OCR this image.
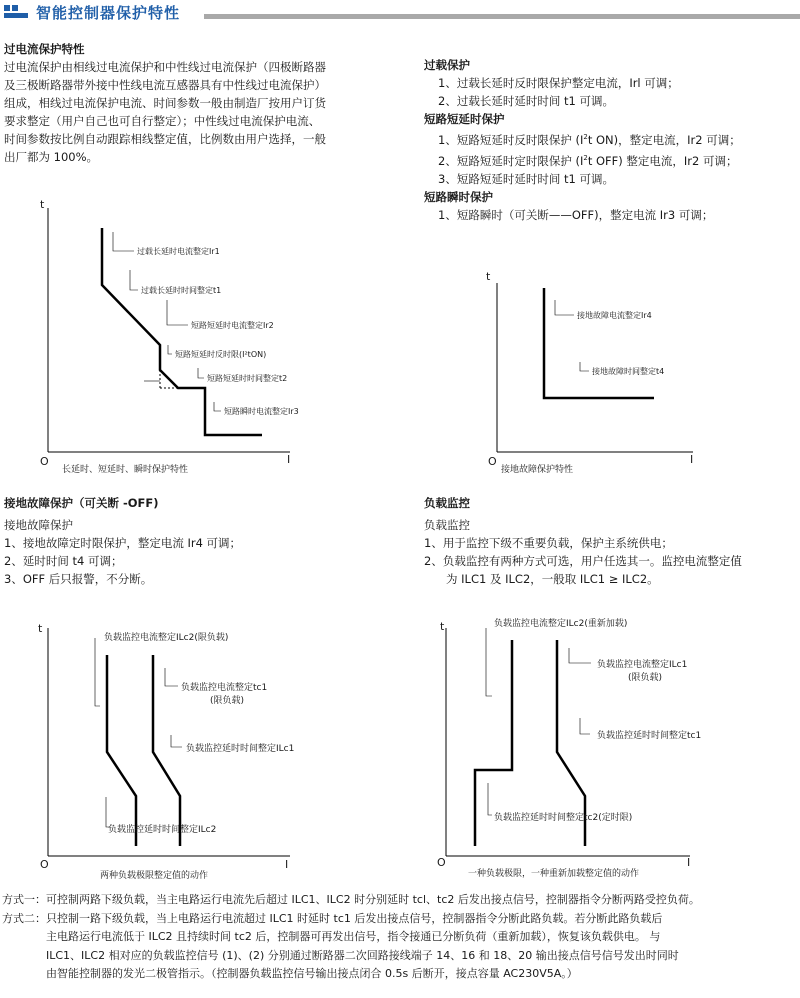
智能控制器保护特性
过电流保护特性
过电流保护由相线过电流保护和中性线过电流保护（四极断路器
及三极断路器带外接中性线电流互感器具有中性线过电流保护）
组成，相线过电流保护电流、时间参数一般由制造厂按用户订货
要求整定（用户自己也可自行整定）；中性线过电流保护电流、
时间参数按比例自动跟踪相线整定值，比例数由用户选择，一般
出厂都为 100%。
过载保护
1、过载长延时反时限保护整定电流，Irl 可调；
2、过载长延时延时时间 t1 可调。
短路短延时保护
1、短路短延时反时限保护 ($I^2t$ ON)，整定电流，Ir2 可调；
2、短路短延时定时限保护 ($I^2t$ OFF) 整定电流，Ir2 可调；
3、短路短延时延时时间 t1 可调。
短路瞬时保护
1、短路瞬时（可关断——OFF)，整定电流 Ir3 可调；
t
O	I
过载长延时电流整定Ir1
过载长延时时间整定t1
短路短延时电流整定Ir2
短路短延时反时限(I²tON)
短路短延时时间整定t2
短路瞬时电流整定Ir3
长延时、短延时、瞬时保护特性
t
O	I
接地故障电流整定Ir4
接地故障时间整定t4
接地故障保护特性
接地故障保护（可关断 -OFF)
接地故障保护
1、接地故障定时限保护，整定电流 Ir4 可调；
2、延时时间 t4 可调；
3、OFF 后只报警，不分断。
负载监控
负载监控
1、用于监控下级不重要负载，保护主系统供电；
2、负载监控有两种方式可选，用户任选其一。监控电流整定值
为 ILC1 及 ILC2，一般取 ILC1 ≥ ILC2。
t
O	I
负载监控电流整定ILc2(限负载)
负载监控电流整定tc1
(限负载)
负载监控延时时间整定ILc1
负载监控延时时间整定ILc2
两种负载极限整定值的动作
t
O	I
负载监控电流整定ILc2(重新加载)
负载监控电流整定ILc1
(限负载)
负载监控延时时间整定tc1
负载监控延时时间整定tc2(定时限)
一种负载极限，一种重新加载整定值的动作
方式一：可控制两路下级负载，当主电路运行电流先后超过 ILC1、ILC2 时分别延时 tcl、tc2 后发出接点信号，控制器指令分断两路受控负荷。
方式二： 只控制一路下级负载，当上电路运行电流超过 ILC1 时延时 tc1 后发出接点信号，控制器指令分断此路负载。若分断此路负载后
主电路运行电流低于 ILC2 且持续时间 tc2 后，控制器可再发出信号，指令接通已分断负荷（重新加载），恢复该负载供电。 与
ILC1、ILC2 相对应的负载监控信号 (1)、(2) 分别通过断路器二次回路接线端子 14、16 和 18、20 输出接点信号信号发出时同时
由智能控制器的发光二极管指示。（控制器负载监控信号输出接点闭合 0.5s 后断开，接点容量 AC230V5A。）
